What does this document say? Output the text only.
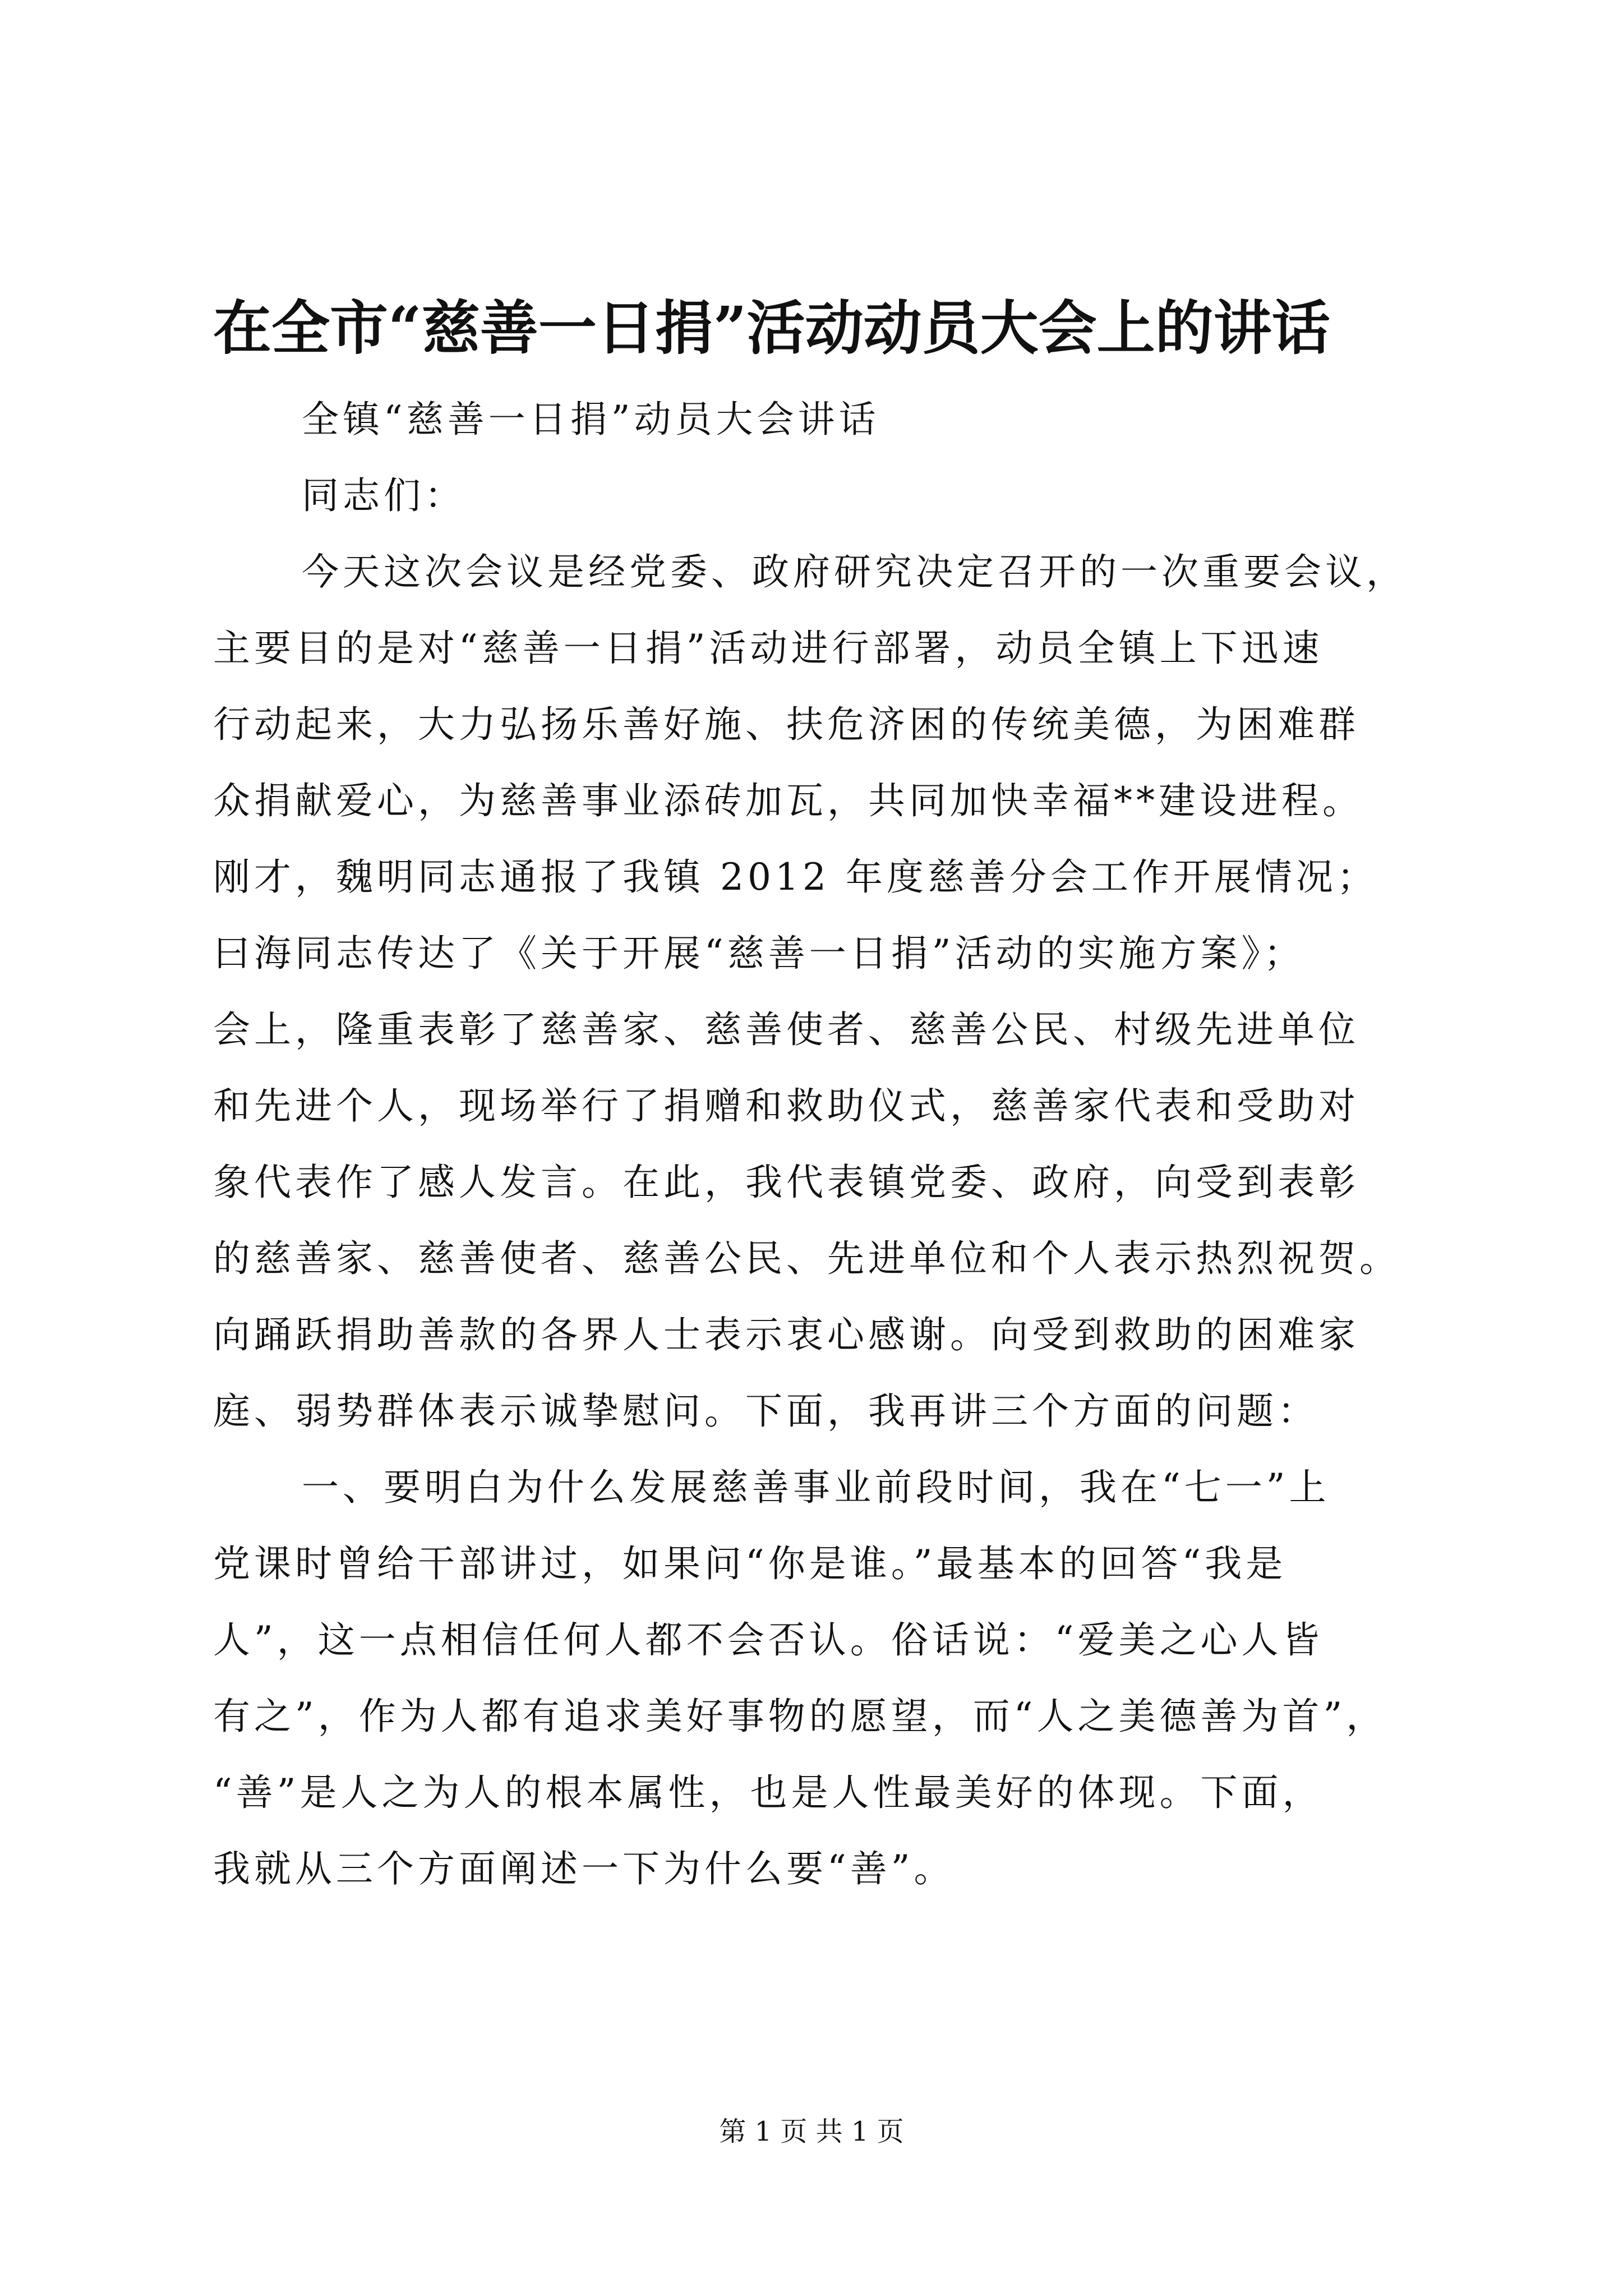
在全市“慈善一日捐”活动动员大会上的讲话
全镇“慈善一日捐”动员大会讲话
同志们：
今天这次会议是经党委、政府研究决定召开的一次重要会议，
主要目的是对“慈善一日捐”活动进行部署，动员全镇上下迅速
行动起来，大力弘扬乐善好施、扶危济困的传统美德，为困难群
众捐献爱心，为慈善事业添砖加瓦，共同加快幸福**建设进程。
刚才，魏明同志通报了我镇 2012 年度慈善分会工作开展情况；
曰海同志传达了《关于开展“慈善一日捐”活动的实施方案》；
会上，隆重表彰了慈善家、慈善使者、慈善公民、村级先进单位
和先进个人，现场举行了捐赠和救助仪式，慈善家代表和受助对
象代表作了感人发言。在此，我代表镇党委、政府，向受到表彰
的慈善家、慈善使者、慈善公民、先进单位和个人表示热烈祝贺。
向踊跃捐助善款的各界人士表示衷心感谢。向受到救助的困难家
庭、弱势群体表示诚挚慰问。下面，我再讲三个方面的问题：
一、要明白为什么发展慈善事业前段时间，我在“七一”上
党课时曾给干部讲过，如果问“你是谁。”最基本的回答“我是
人”，这一点相信任何人都不会否认。俗话说：“爱美之心人皆
有之”，作为人都有追求美好事物的愿望，而“人之美德善为首”，
“善”是人之为人的根本属性，也是人性最美好的体现。下面，
我就从三个方面阐述一下为什么要“善”。
第 1 页 共 1 页
